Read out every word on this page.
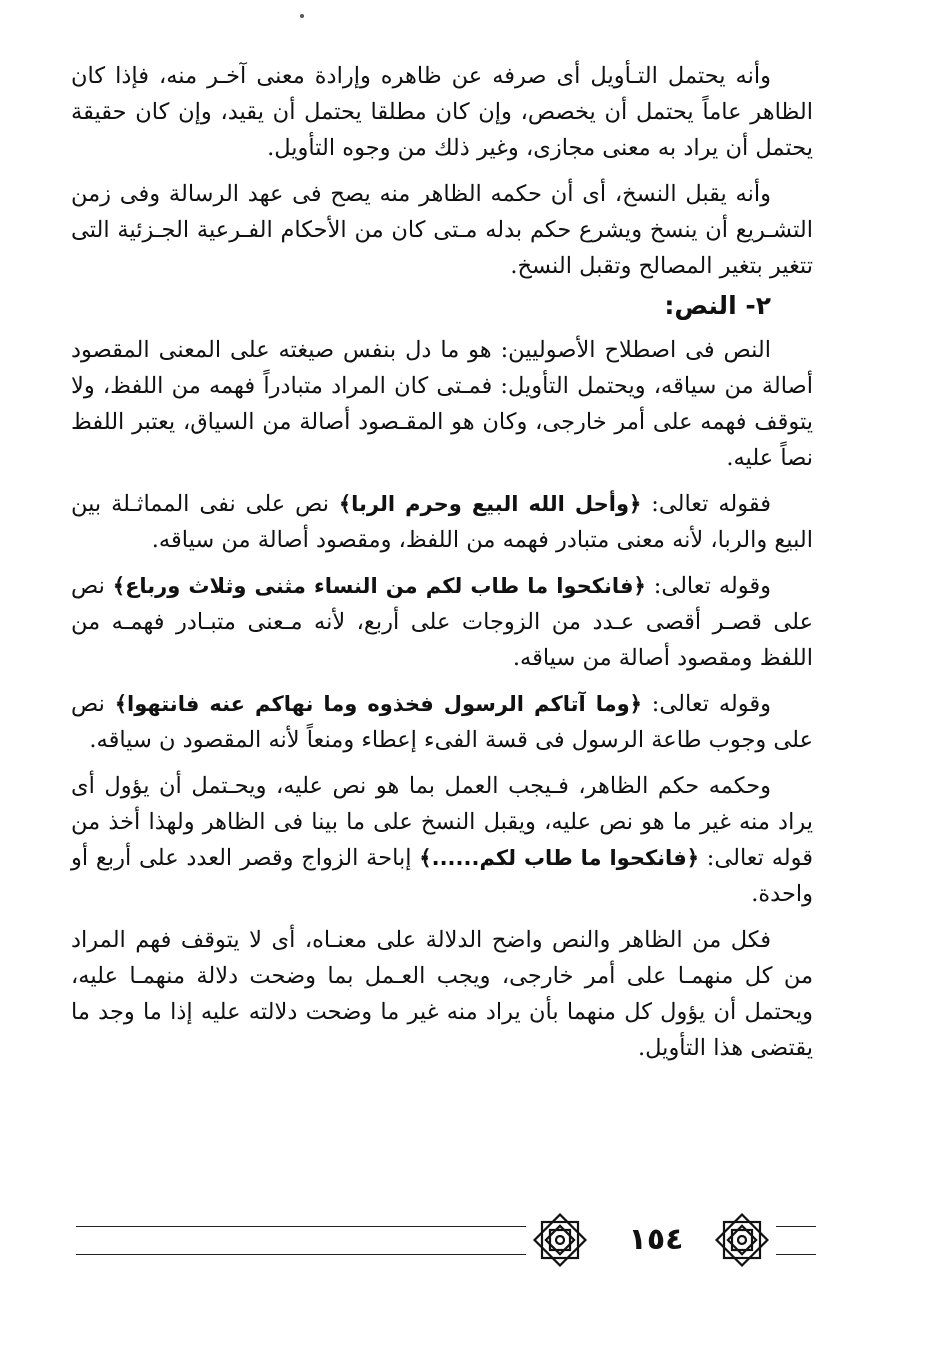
وأنه يحتمل التـأويل أى صرفه عن ظاهره وإرادة معنى آخـر منه، فإذا كان الظاهر عاماً يحتمل أن يخصص، وإن كان مطلقا يحتمل أن يقيد، وإن كان حقيقة يحتمل أن يراد به معنى مجازى، وغير ذلك من وجوه التأويل.

وأنه يقبل النسخ، أى أن حكمه الظاهر منه يصح فى عهد الرسالة وفى زمن التشـريع أن ينسخ ويشرع حكم بدله مـتى كان من الأحكام الفـرعية الجـزئية التى تتغير بتغير المصالح وتقبل النسخ.

٢- النص:

النص فى اصطلاح الأصوليين: هو ما دل بنفس صيغته على المعنى المقصود أصالة من سياقه، ويحتمل التأويل: فمـتى كان المراد متبادراً فهمه من اللفظ، ولا يتوقف فهمه على أمر خارجى، وكان هو المقـصود أصالة من السياق، يعتبر اللفظ نصاً عليه.

فقوله تعالى: ﴿وأحل الله البيع وحرم الربا﴾ نص على نفى المماثـلة بين البيع والربا، لأنه معنى متبادر فهمه من اللفظ، ومقصود أصالة من سياقه.

وقوله تعالى: ﴿فانكحوا ما طاب لكم من النساء مثنى وثلاث ورباع﴾ نص على قصـر أقصى عـدد من الزوجات على أربع، لأنه مـعنى متبـادر فهمـه من اللفظ ومقصود أصالة من سياقه.

وقوله تعالى: ﴿وما آتاكم الرسول فخذوه وما نهاكم عنه فانتهوا﴾ نص على وجوب طاعة الرسول فى قسة الفىء إعطاء ومنعاً لأنه المقصود ن سياقه.

وحكمه حكم الظاهر، فـيجب العمل بما هو نص عليه، ويحـتمل أن يؤول أى يراد منه غير ما هو نص عليه، ويقبل النسخ على ما بينا فى الظاهر ولهذا أخذ من قوله تعالى: ﴿فانكحوا ما طاب لكم......﴾ إباحة الزواج وقصر العدد على أربع أو واحدة.

فكل من الظاهر والنص واضح الدلالة على معنـاه، أى لا يتوقف فهم المراد من كل منهمـا على أمر خارجى، ويجب العـمل بما وضحت دلالة منهمـا عليه، ويحتمل أن يؤول كل منهما بأن يراد منه غير ما وضحت دلالته عليه إذا ما وجد ما يقتضى هذا التأويل.

١٥٤
